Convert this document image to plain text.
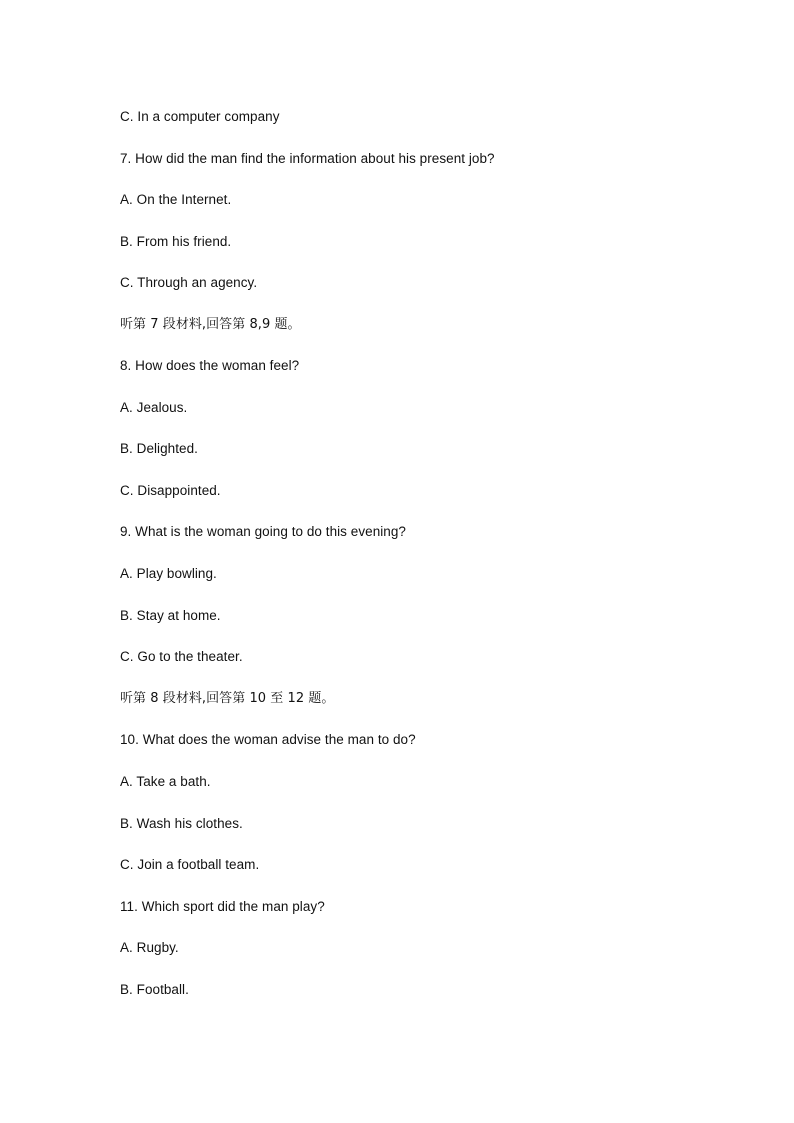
C. In a computer company
7. How did the man find the information about his present job?
A. On the Internet.
B. From his friend.
C. Through an agency.
听第 7 段材料,回答第 8,9 题。
8. How does the woman feel?
A. Jealous.
B. Delighted.
C. Disappointed.
9. What is the woman going to do this evening?
A. Play bowling.
B. Stay at home.
C. Go to the theater.
听第 8 段材料,回答第 10 至 12 题。
10. What does the woman advise the man to do?
A. Take a bath.
B. Wash his clothes.
C. Join a football team.
11. Which sport did the man play?
A. Rugby.
B. Football.
